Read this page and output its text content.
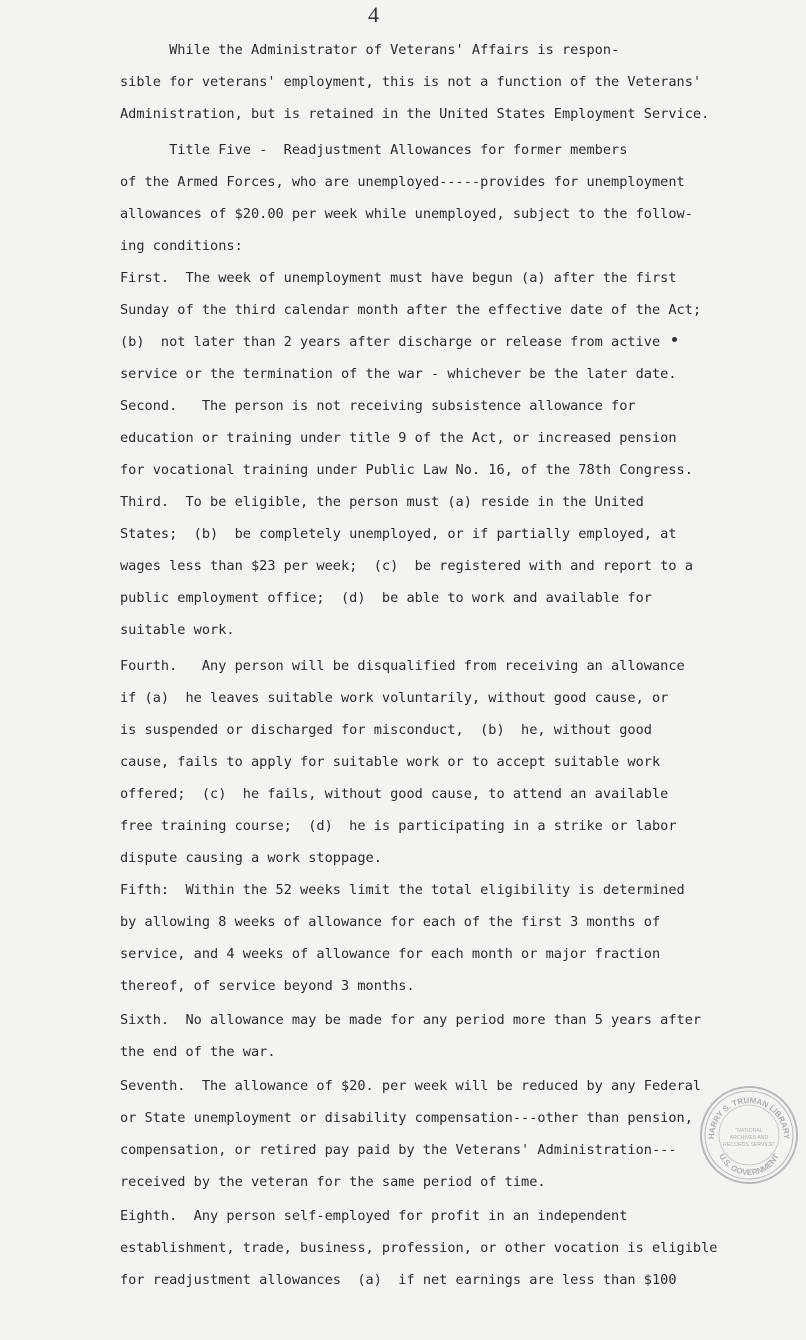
4
While the Administrator of Veterans' Affairs is respon-
sible for veterans' employment, this is not a function of the Veterans'
Administration, but is retained in the United States Employment Service.
Title Five -  Readjustment Allowances for former members
of the Armed Forces, who are unemployed-----provides for unemployment
allowances of $20.00 per week while unemployed, subject to the follow-
ing conditions:
First.  The week of unemployment must have begun (a) after the first
Sunday of the third calendar month after the effective date of the Act;
(b)  not later than 2 years after discharge or release from active
service or the termination of the war - whichever be the later date.
Second.   The person is not receiving subsistence allowance for
education or training under title 9 of the Act, or increased pension
for vocational training under Public Law No. 16, of the 78th Congress.
Third.  To be eligible, the person must (a) reside in the United
States;  (b)  be completely unemployed, or if partially employed, at
wages less than $23 per week;  (c)  be registered with and report to a
public employment office;  (d)  be able to work and available for
suitable work.
Fourth.   Any person will be disqualified from receiving an allowance
if (a)  he leaves suitable work voluntarily, without good cause, or
is suspended or discharged for misconduct,  (b)  he, without good
cause, fails to apply for suitable work or to accept suitable work
offered;  (c)  he fails, without good cause, to attend an available
free training course;  (d)  he is participating in a strike or labor
dispute causing a work stoppage.
Fifth:  Within the 52 weeks limit the total eligibility is determined
by allowing 8 weeks of allowance for each of the first 3 months of
service, and 4 weeks of allowance for each month or major fraction
thereof, of service beyond 3 months.
Sixth.  No allowance may be made for any period more than 5 years after
the end of the war.
Seventh.  The allowance of $20. per week will be reduced by any Federal
or State unemployment or disability compensation---other than pension,
compensation, or retired pay paid by the Veterans' Administration---
received by the veteran for the same period of time.
Eighth.  Any person self-employed for profit in an independent
establishment, trade, business, profession, or other vocation is eligible
for readjustment allowances  (a)  if net earnings are less than $100
HARRY S. TRUMAN LIBRARY
U.S. GOVERNMENT
"NATIONAL
ARCHIVES AND
RECORDS SERVICE"
